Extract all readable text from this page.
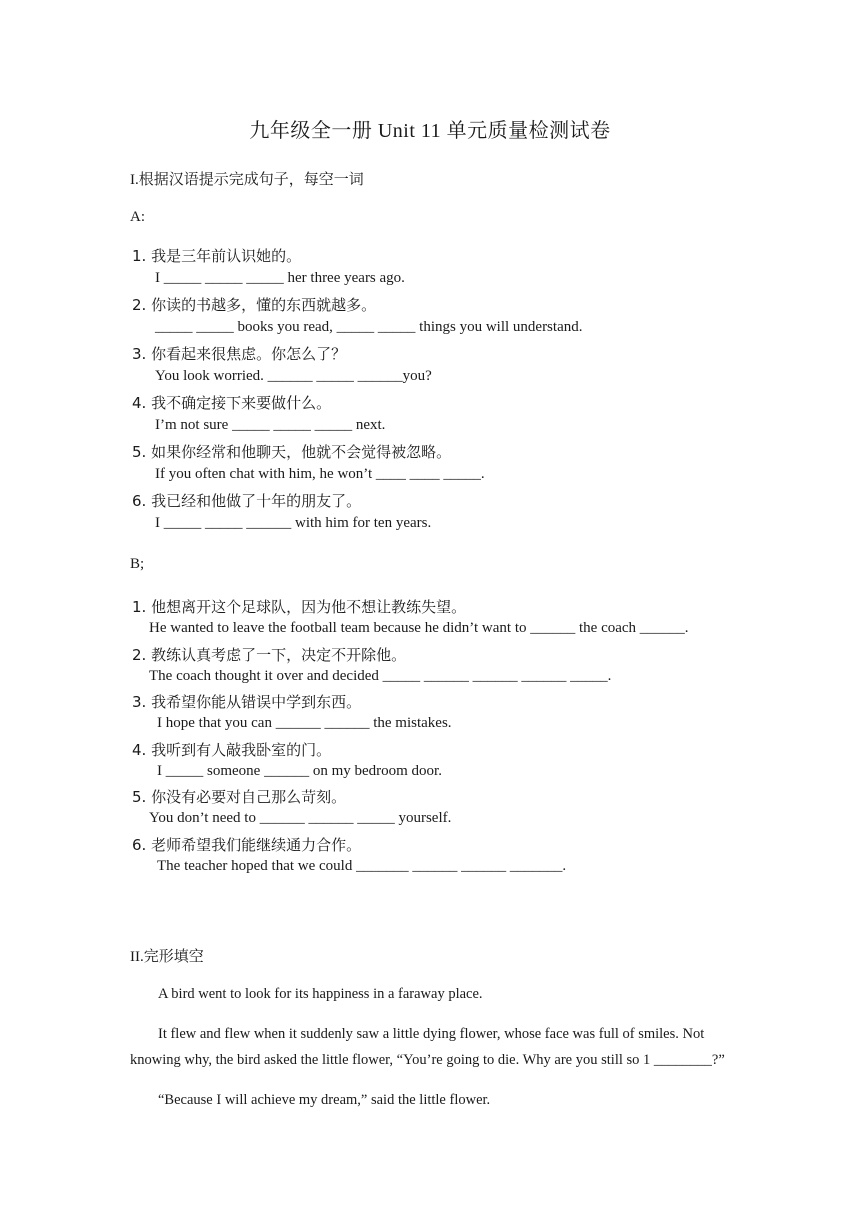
九年级全一册 Unit 11 单元质量检测试卷
I.根据汉语提示完成句子，每空一词
A:
1. 我是三年前认识她的。
I _____ _____ _____ her three years ago.
2. 你读的书越多，懂的东西就越多。
_____ _____ books you read, _____ _____ things you will understand.
3. 你看起来很焦虑。你怎么了？
You look worried. ______ _____ ______you?
4. 我不确定接下来要做什么。
I’m not sure _____ _____ _____ next.
5. 如果你经常和他聊天，他就不会觉得被忽略。
If you often chat with him, he won’t ____ ____ _____.
6. 我已经和他做了十年的朋友了。
I _____ _____ ______ with him for ten years.
B;
1. 他想离开这个足球队，因为他不想让教练失望。
He wanted to leave the football team because he didn’t want to ______ the coach ______.
2. 教练认真考虑了一下，决定不开除他。
The coach thought it over and decided _____ ______ ______ ______ _____.
3. 我希望你能从错误中学到东西。
I hope that you can ______ ______ the mistakes.
4. 我听到有人敲我卧室的门。
I _____ someone ______ on my bedroom door.
5. 你没有必要对自己那么苛刻。
You don’t need to ______ ______ _____ yourself.
6. 老师希望我们能继续通力合作。
The teacher hoped that we could _______ ______ ______ _______.
II.完形填空
A bird went to look for its happiness in a faraway place.
It flew and flew when it suddenly saw a little dying flower, whose face was full of smiles. Not knowing why, the bird asked the little flower, “You’re going to die. Why are you still so 1 ________?”
“Because I will achieve my dream,” said the little flower.
